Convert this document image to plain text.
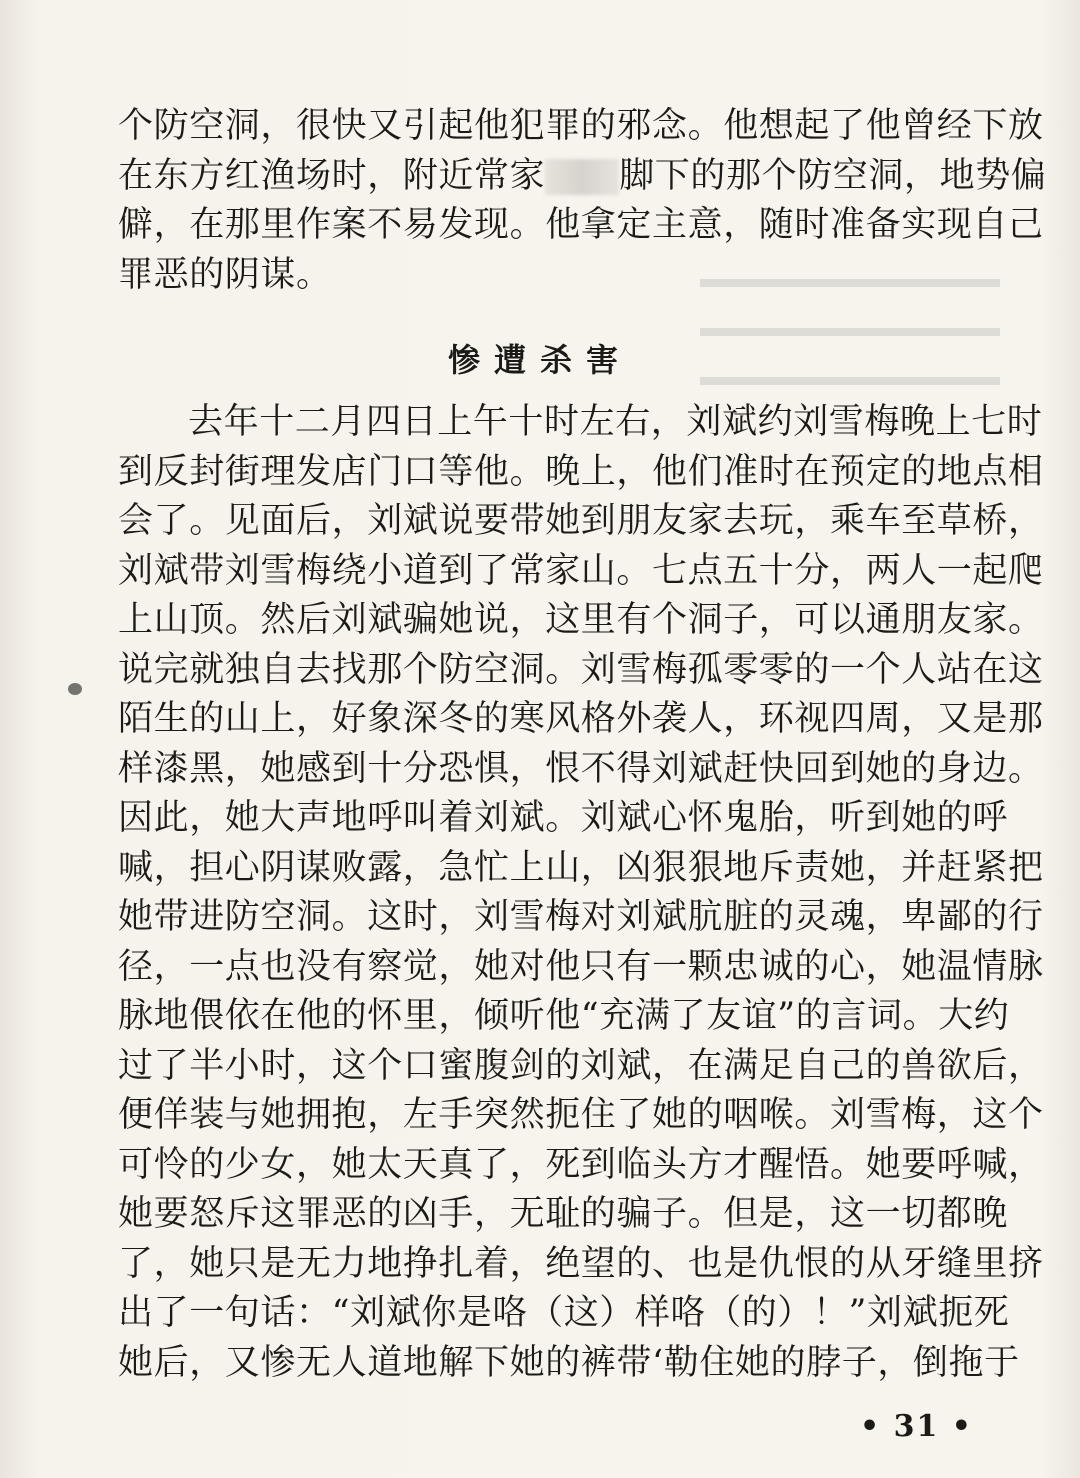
个防空洞，很快又引起他犯罪的邪念。他想起了他曾经下放
在东方红渔场时，附近常家 脚下的那个防空洞，地势偏
僻，在那里作案不易发现。他拿定主意，随时准备实现自己
罪恶的阴谋。
惨遭杀害
去年十二月四日上午十时左右，刘斌约刘雪梅晚上七时
到反封街理发店门口等他。晚上，他们准时在预定的地点相
会了。见面后，刘斌说要带她到朋友家去玩，乘车至草桥，
刘斌带刘雪梅绕小道到了常家山。七点五十分，两人一起爬
上山顶。然后刘斌骗她说，这里有个洞子，可以通朋友家。
说完就独自去找那个防空洞。刘雪梅孤零零的一个人站在这
陌生的山上，好象深冬的寒风格外袭人，环视四周，又是那
样漆黑，她感到十分恐惧，恨不得刘斌赶快回到她的身边。
因此，她大声地呼叫着刘斌。刘斌心怀鬼胎，听到她的呼
喊，担心阴谋败露，急忙上山，凶狠狠地斥责她，并赶紧把
她带进防空洞。这时，刘雪梅对刘斌肮脏的灵魂，卑鄙的行
径，一点也没有察觉，她对他只有一颗忠诚的心，她温情脉
脉地偎依在他的怀里，倾听他“充满了友谊”的言词。大约
过了半小时，这个口蜜腹剑的刘斌，在满足自己的兽欲后，
便佯装与她拥抱，左手突然扼住了她的咽喉。刘雪梅，这个
可怜的少女，她太天真了，死到临头方才醒悟。她要呼喊，
她要怒斥这罪恶的凶手，无耻的骗子。但是，这一切都晚
了，她只是无力地挣扎着，绝望的、也是仇恨的从牙缝里挤
出了一句话：“刘斌你是咯（这）样咯（的）！”刘斌扼死
她后，又惨无人道地解下她的裤带‘勒住她的脖子，倒拖于
• 31 •
